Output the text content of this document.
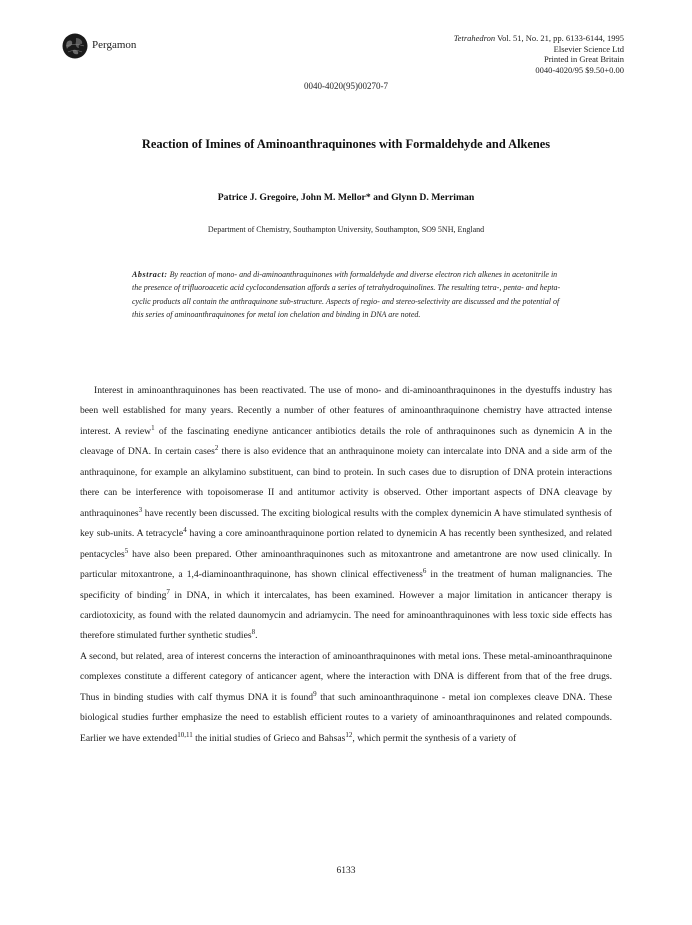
Pergamon
Tetrahedron Vol. 51, No. 21, pp. 6133-6144, 1995
Elsevier Science Ltd
Printed in Great Britain
0040-4020/95 $9.50+0.00
0040-4020(95)00270-7
Reaction of Imines of Aminoanthraquinones with Formaldehyde and Alkenes
Patrice J. Gregoire, John M. Mellor* and Glynn D. Merriman
Department of Chemistry, Southampton University, Southampton, SO9 5NH, England
Abstract: By reaction of mono- and di-aminoanthraquinones with formaldehyde and diverse electron rich alkenes in acetonitrile in the presence of trifluoroacetic acid cyclocondensation affords a series of tetrahydroquinolines. The resulting tetra-, penta- and hepta-cyclic products all contain the anthraquinone sub-structure. Aspects of regio- and stereo-selectivity are discussed and the potential of this series of aminoanthraquinones for metal ion chelation and binding in DNA are noted.

Interest in aminoanthraquinones has been reactivated. The use of mono- and di-aminoanthraquinones in the dyestuffs industry has been well established for many years. Recently a number of other features of aminoanthraquinone chemistry have attracted intense interest. A review$^1$ of the fascinating enediyne anticancer antibiotics details the role of anthraquinones such as dynemicin A in the cleavage of DNA. In certain cases$^2$ there is also evidence that an anthraquinone moiety can intercalate into DNA and a side arm of the anthraquinone, for example an alkylamino substituent, can bind to protein. In such cases due to disruption of DNA protein interactions there can be interference with topoisomerase II and antitumor activity is observed. Other important aspects of DNA cleavage by anthraquinones$^3$ have recently been discussed. The exciting biological results with the complex dynemicin A have stimulated synthesis of key sub-units. A tetracycle$^4$ having a core aminoanthraquinone portion related to dynemicin A has recently been synthesized, and related pentacycles$^5$ have also been prepared. Other aminoanthraquinones such as mitoxantrone and ametantrone are now used clinically. In particular mitoxantrone, a 1,4-diaminoanthraquinone, has shown clinical effectiveness$^6$ in the treatment of human malignancies. The specificity of binding$^7$ in DNA, in which it intercalates, has been examined. However a major limitation in anticancer therapy is cardiotoxicity, as found with the related daunomycin and adriamycin. The need for aminoanthraquinones with less toxic side effects has therefore stimulated further synthetic studies$^8$.

A second, but related, area of interest concerns the interaction of aminoanthraquinones with metal ions. These metal-aminoanthraquinone complexes constitute a different category of anticancer agent, where the interaction with DNA is different from that of the free drugs. Thus in binding studies with calf thymus DNA it is found$^9$ that such aminoanthraquinone - metal ion complexes cleave DNA. These biological studies further emphasize the need to establish efficient routes to a variety of aminoanthraquinones and related compounds. Earlier we have extended$^{10,11}$ the initial studies of Grieco and Bahsas$^{12}$, which permit the synthesis of a variety of

6133
